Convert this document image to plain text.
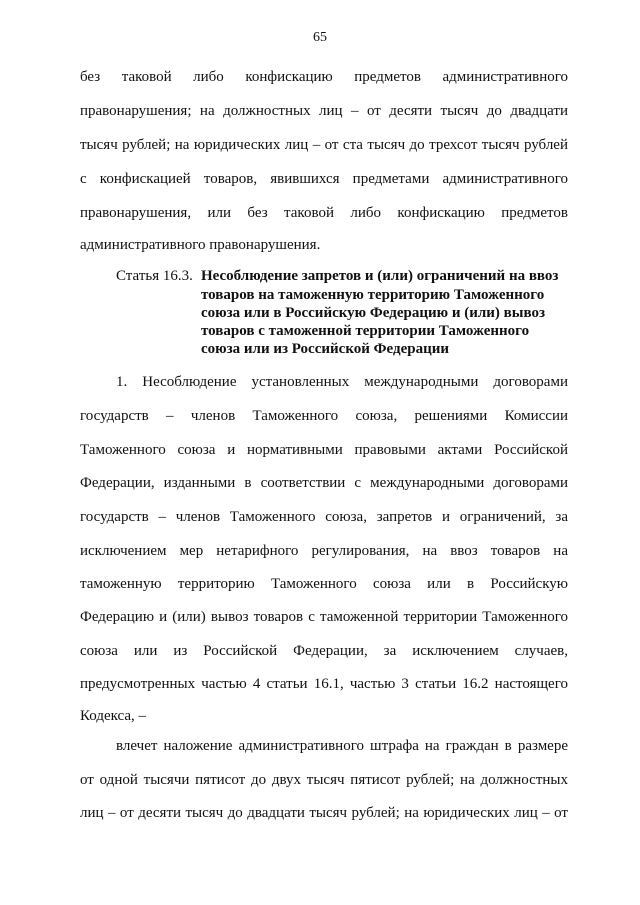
65
без таковой либо конфискацию предметов административного
правонарушения; на должностных лиц – от десяти тысяч до двадцати
тысяч рублей; на юридических лиц – от ста тысяч до трехсот тысяч рублей
с конфискацией товаров, явившихся предметами административного
правонарушения, или без таковой либо конфискацию предметов
административного правонарушения.
Статья 16.3. Несоблюдение запретов и (или) ограничений на ввоз
товаров на таможенную территорию Таможенного
союза или в Российскую Федерацию и (или) вывоз
товаров с таможенной территории Таможенного
союза или из Российской Федерации
1. Несоблюдение установленных международными договорами
государств – членов Таможенного союза, решениями Комиссии
Таможенного союза и нормативными правовыми актами Российской
Федерации, изданными в соответствии с международными договорами
государств – членов Таможенного союза, запретов и ограничений, за
исключением мер нетарифного регулирования, на ввоз товаров на
таможенную территорию Таможенного союза или в Российскую
Федерацию и (или) вывоз товаров с таможенной территории Таможенного
союза или из Российской Федерации, за исключением случаев,
предусмотренных частью 4 статьи 16.1, частью 3 статьи 16.2 настоящего
Кодекса, –
влечет наложение административного штрафа на граждан в размере
от одной тысячи пятисот до двух тысяч пятисот рублей; на должностных
лиц – от десяти тысяч до двадцати тысяч рублей; на юридических лиц – от
